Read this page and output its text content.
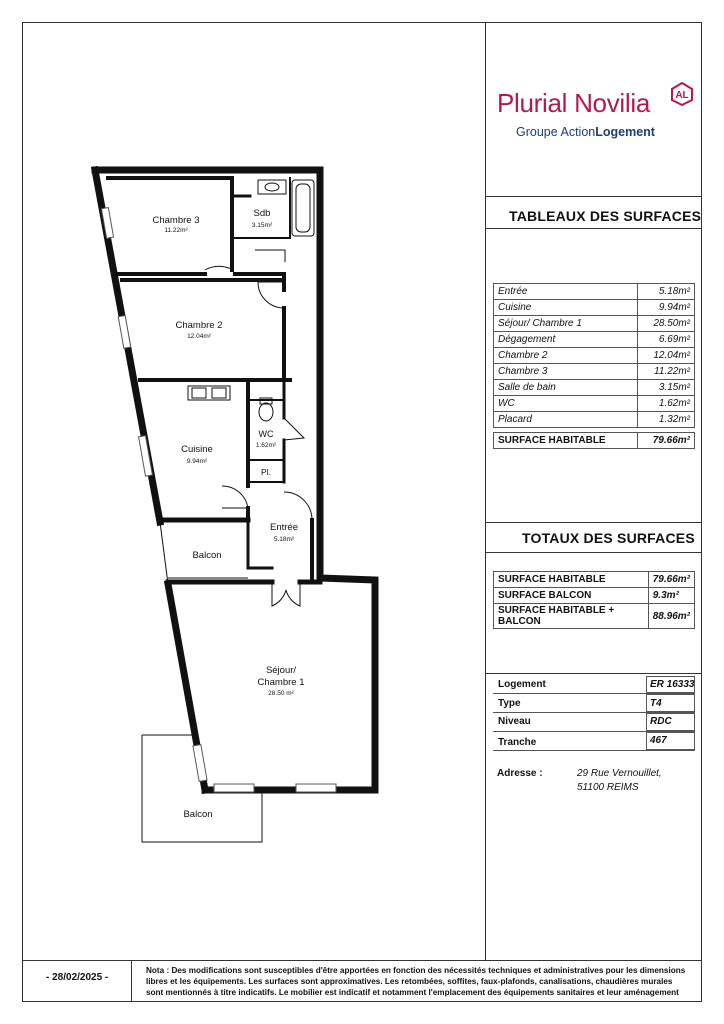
Plurial Novilia	AL
Groupe ActionLogement
TABLEAUX DES SURFACES
Entrée	5.18m²
Cuisine	9.94m²
Séjour/ Chambre 1	28.50m²
Dégagement	6.69m²
Chambre 2	12.04m²
Chambre 3	11.22m²
Salle de bain	3.15m²
WC	1.62m²
Placard	1.32m²

SURFACE HABITABLE	79.66m²
TOTAUX DES SURFACES
SURFACE HABITABLE	79.66m²
SURFACE BALCON	9.3m²
SURFACE HABITABLE + BALCON	88.96m²
Logement	ER 16333
Type	T4
Niveau	RDC
Tranche	467
Adresse :	29 Rue Vernouillet,
51100 REIMS
- 28/02/2025 -
Nota : Des modifications sont susceptibles d'être apportées en fonction des nécessités techniques et administratives pour les dimensions libres et les équipements. Les surfaces sont approximatives. Les retombées, soffites, faux-plafonds, canalisations, chaudières murales sont mentionnés à titre indicatifs. Le mobilier est indicatif et notamment l'emplacement des équipements sanitaires et leur aménagement
Chambre 3
11.22m²
Sdb
3.15m²
Chambre 2
12.04m²
WC
1.62m²
Pl.
Cuisine
9.94m²
Entrée
5.18m²
Balcon
Séjour/
Chambre 1
28.50 m²
Balcon
